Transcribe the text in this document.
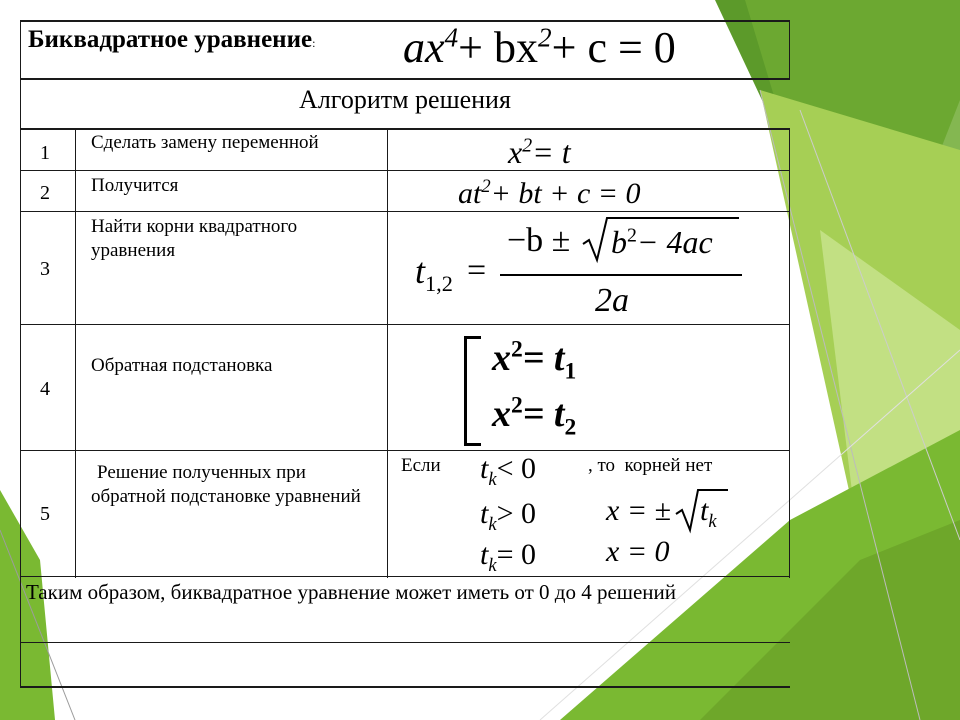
Биквадратное уравнение: $ax^4+ bx^2+ c = 0$
Алгоритм решения
1
2
3
4
5
Сделать замену переменной
Получится
Найти корни квадратного уравнения
Обратная подстановка
Решение полученных при обратной подстановке уравнений
$x^2= t$
$at^2+$ bt + c = 0
$t_{1,2}$ =
$-b \pm b^2- 4ac$
2a
$x^2= t_1$
$x^2= t_2$
Если	, то  корней нет
$t_k< 0$
$t_k> 0$
$t_k= 0$
x = ± $t_k$
x = 0
Таким образом, биквадратное уравнение может иметь от 0 до 4 решений
